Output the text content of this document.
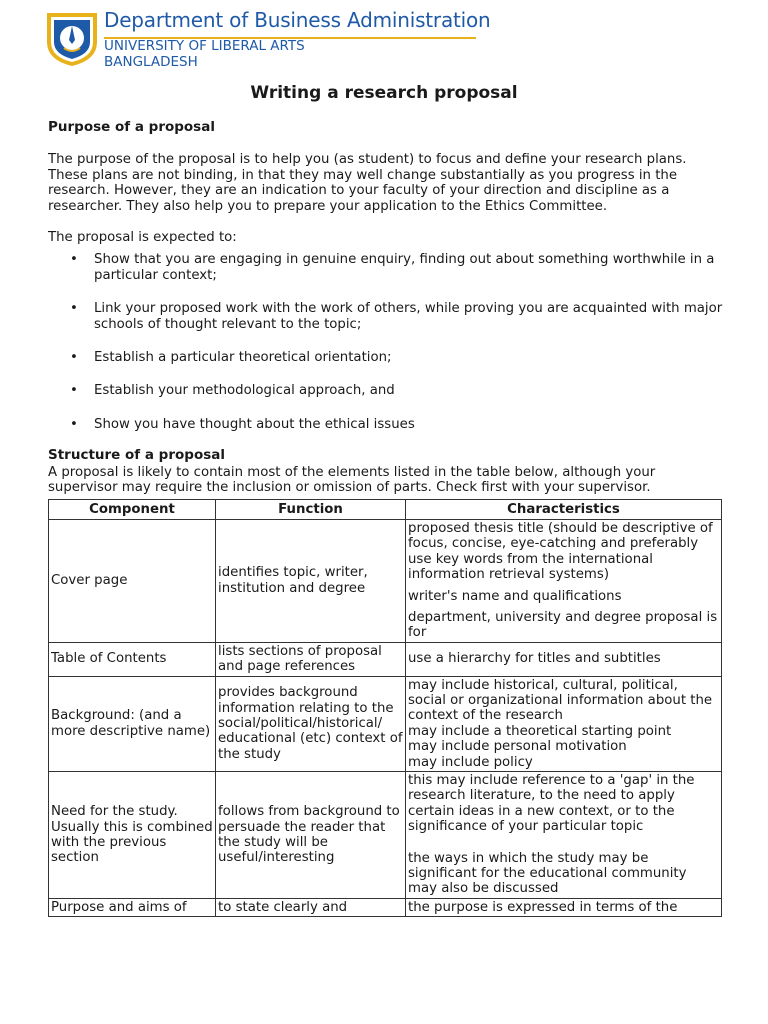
Department of Business Administration
UNIVERSITY OF LIBERAL ARTS
BANGLADESH
Writing a research proposal
Purpose of a proposal

The purpose of the proposal is to help you (as student) to focus and define your research plans. These plans are not binding, in that they may well change substantially as you progress in the research. However, they are an indication to your faculty of your direction and discipline as a researcher. They also help you to prepare your application to the Ethics Committee.

The proposal is expected to:

• Show that you are engaging in genuine enquiry, finding out about something worthwhile in a particular context;
• Link your proposed work with the work of others, while proving you are acquainted with major schools of thought relevant to the topic;
• Establish a particular theoretical orientation;
• Establish your methodological approach, and
• Show you have thought about the ethical issues
Structure of a proposal

A proposal is likely to contain most of the elements listed in the table below, although your supervisor may require the inclusion or omission of parts. Check first with your supervisor.

Component	Function	Characteristics
Cover page	identifies topic, writer, institution and degree	proposed thesis title (should be descriptive of focus, concise, eye-catching and preferably use key words from the international information retrieval systems)

writer's name and qualifications

department, university and degree proposal is for

Table of Contents	lists sections of proposal and page references	use a hierarchy for titles and subtitles

Background: (and a more descriptive name)	provides background information relating to the social/political/historical/ educational (etc) context of the study	may include historical, cultural, political, social or organizational information about the context of the research

may include a theoretical starting point

may include personal motivation

may include policy

Need for the study. Usually this is combined with the previous section	follows from background to persuade the reader that the study will be useful/interesting	this may include reference to a 'gap' in the research literature, to the need to apply certain ideas in a new context, or to the significance of your particular topic

the ways in which the study may be significant for the educational community may also be discussed

Purpose and aims of	to state clearly and	the purpose is expressed in terms of the
